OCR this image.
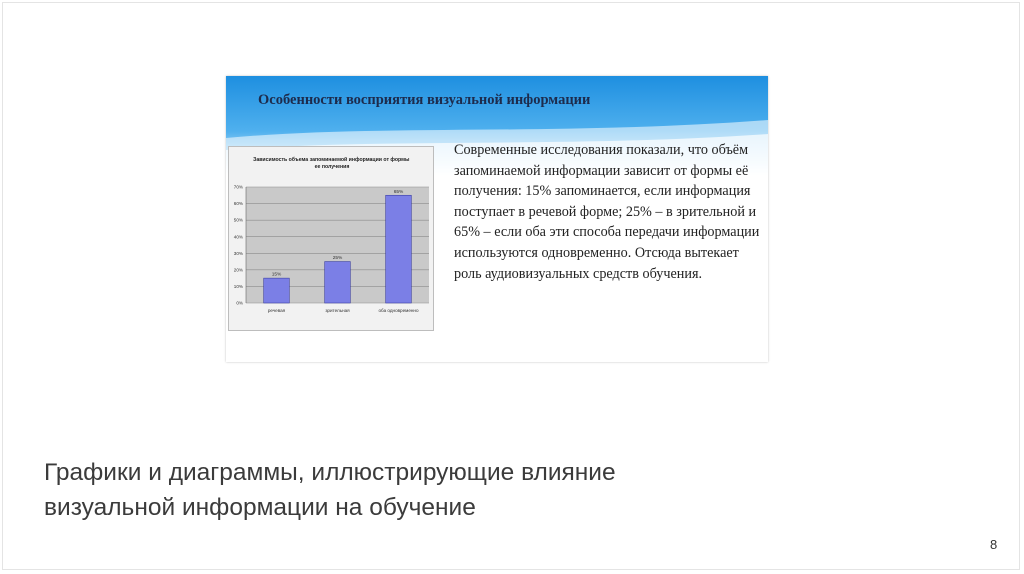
Особенности восприятия визуальной информации
Зависимость объема запоминаемой информации от формы ее получения
0%
10%
20%
30%
40%
50%
60%
70%
15%
речевая
25%
зрительная
65%
оба одновременно
Современные исследования показали, что объём запоминаемой информации зависит от формы её получения: 15% запоминается, если информация поступает в речевой форме; 25% – в зрительной и 65% – если оба эти способа передачи информации используются одновременно. Отсюда вытекает роль аудиовизуальных средств обучения.
Графики и диаграммы, иллюстрирующие влияние визуальной информации на обучение
8
